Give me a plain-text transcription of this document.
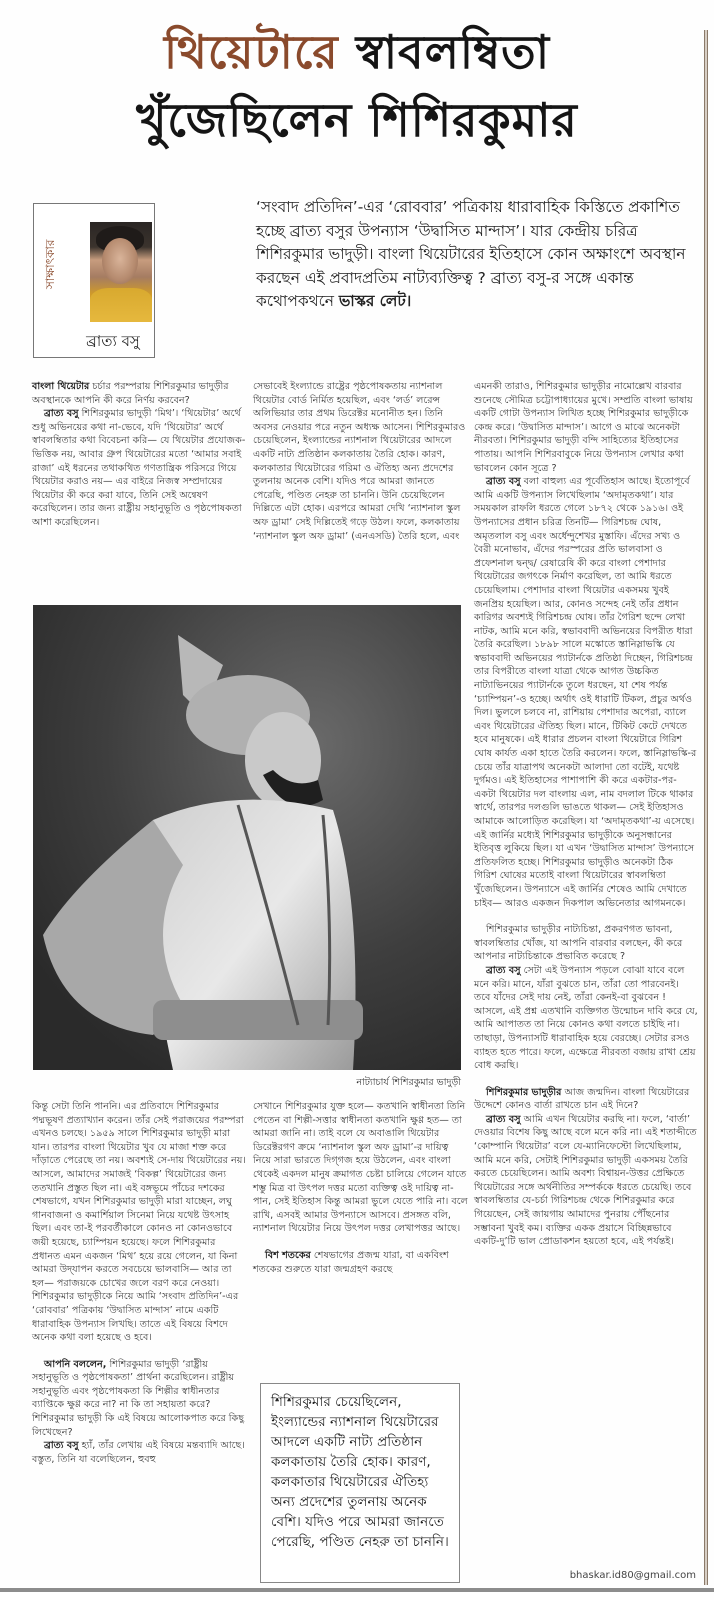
থিয়েটারে স্বাবলম্বিতা
খুঁজেছিলেন শিশিরকুমার
সাক্ষাৎকার
ব্রাত্য বসু
‘সংবাদ প্রতিদিন’-এর ‘রোববার’ পত্রিকায় ধারাবাহিক কিস্তিতে প্রকাশিত হচ্ছে ব্রাত্য বসুর উপন্যাস ‘উদ্বাসিত মান্দাস’। যার কেন্দ্রীয় চরিত্র শিশিরকুমার ভাদুড়ী। বাংলা থিয়েটারের ইতিহাসে কোন অক্ষাংশে অবস্থান করছেন এই প্রবাদপ্রতিম নাট্যব্যক্তিত্ব ? ব্রাত্য বসু-র সঙ্গে একান্ত কথোপকথনে ভাস্কর লেট।

বাংলা থিয়েটার চর্চার পরম্পরায় শিশিরকুমার ভাদুড়ীর অবস্থানকে আপনি কী করে নির্ণয় করবেন?

ব্রাত্য বসু শিশিরকুমার ভাদুড়ী ‘মিথ’। ‘থিয়েটার’ অর্থে শুধু অভিনয়ের কথা না-ভেবে, যদি ‘থিয়েটার’ অর্থে স্বাবলম্বিতার কথা বিবেচনা করি— যে থিয়েটার প্রযোজক-ভিত্তিক নয়, আবার গ্রুপ থিয়েটারের মতো ‘আমার সবাই রাজা’ এই ধরনের তথাকথিত গণতান্ত্রিক পরিসরে গিয়ে থিয়েটার করাও নয়— এর বাইরে নিজস্ব সম্প্রদায়ের থিয়েটার কী করে করা যাবে, তিনি সেই অন্বেষণ করেছিলেন। তার জন্য রাষ্ট্রীয় সহানুভূতি ও পৃষ্ঠপোষকতা আশা করেছিলেন।

সেভাবেই ইংল্যান্ডে রাষ্ট্রের পৃষ্ঠপোষকতায় ন্যাশনাল থিয়েটার বোর্ড নির্মিত হয়েছিল, এবং ‘লর্ড’ লরেন্স অলিভিয়ার তার প্রথম ডিরেক্টর মনোনীত হন। তিনি অবসর নেওয়ার পরে নতুন অধ্যক্ষ আসেন। শিশিরকুমারও চেয়েছিলেন, ইংল্যান্ডের ন্যাশনাল থিয়েটারের আদলে একটি নাট্য প্রতিষ্ঠান কলকাতায় তৈরি হোক। কারণ, কলকাতার থিয়েটারের গরিমা ও ঐতিহ্য অন্য প্রদেশের তুলনায় অনেক বেশি। যদিও পরে আমরা জানতে পেরেছি, পণ্ডিত নেহরু তা চাননি। উনি চেয়েছিলেন দিল্লিতে এটা হোক। এরপরে আমরা দেখি ‘ন্যাশনাল স্কুল অফ ড্রামা’ সেই দিল্লিতেই গড়ে উঠল। ফলে, কলকাতায় ‘ন্যাশনাল স্কুল অফ ড্রামা’ (এনএসডি) তৈরি হলে, এবং

এমনকী তারাও, শিশিরকুমার ভাদুড়ীর নামোল্লেখ বারবার শুনেছে সৌমিত্র চট্টোপাধ্যায়ের মুখে। সম্প্রতি বাংলা ভাষায় একটি গোটা উপন্যাস লিখিত হচ্ছে শিশিরকুমার ভাদুড়ীকে কেন্দ্র করে। ‘উদ্বাসিত মান্দাস’। আগে ও মাঝে অনেকটা নীরবতা। শিশিরকুমার ভাদুড়ী বন্দি সাহিত্যের ইতিহাসের পাতায়। আপনি শিশিরবাবুকে নিয়ে উপন্যাস লেখার কথা ভাবলেন কোন সূত্রে ?

ব্রাত্য বসু বলা বাহুল্য এর পূর্বেতিহাস আছে। ইতোপূর্বে আমি একটি উপন্যাস লিখেছিলাম ‘অদামৃতকথা’। যার সময়কাল রাফলি ধরতে গেলে ১৮৭২ থেকে ১৯১৬। ওই উপন্যাসের প্রধান চরিত্র তিনটি— গিরিশচন্দ্র ঘোষ, অমৃতলাল বসু এবং অর্ধেন্দুশেখর মুস্তাফি। এঁদের সখ্য ও বৈরী মনোভাব, এঁদের পরস্পরের প্রতি ভালবাসা ও প্রফেশনাল দ্বন্দ্ব/ রেষারেষি কী করে বাংলা পেশাদার থিয়েটারের জগৎকে নির্মাণ করেছিল, তা আমি ধরতে চেয়েছিলাম। পেশাদার বাংলা থিয়েটার একসময় খুবই জনপ্রিয় হয়েছিল। আর, কোনও সন্দেহ নেই তাঁর প্রধান কারিগর অবশ্যই গিরিশচন্দ্র ঘোষ। তাঁর গৈরিশ ছন্দে লেখা নাটক, আমি মনে করি, স্বভাববাদী অভিনয়ের বিপরীত ধারা তৈরি করেছিল। ১৮৯৮ সালে মস্কোতে স্তানিস্লাভস্কি যে স্বভাববাদী অভিনয়ের প্যাটার্নকে প্রতিষ্ঠা দিচ্ছেন, গিরিশচন্দ্র তার বিপরীতে বাংলা যাত্রা থেকে আগত উচ্চকিত নাট্যাভিনয়ের প্যাটার্নকে তুলে ধরছেন, যা শেষ পর্যন্ত ‘চ্যাম্পিয়ন’-ও হচ্ছে। অর্থাৎ ওই ধারাটি টিকল, প্রচুর অর্থও দিল। ভুললে চলবে না, রাশিয়ায় পেশাদার অপেরা, ব্যালে এবং থিয়েটারের ঐতিহ্য ছিল। মানে, টিকিট কেটে দেখতে হবে মানুষকে। এই ধারার প্রচলন বাংলা থিয়েটারে গিরিশ ঘোষ কার্যত একা হাতে তৈরি করলেন। ফলে, স্তানিস্লাভস্কি-র চেয়ে তাঁর যাত্রাপথ অনেকটা আলাদা তো বটেই, যথেষ্ট দুর্গমও। এই ইতিহাসের পাশাপাশি কী করে একটার-পর-একটা থিয়েটার দল বাংলায় এল, নাম বদলাল টিকে থাকার স্বার্থে, তারপর দলগুলি ভাঙতে থাকল— সেই ইতিহাসও আমাকে আলোড়িত করেছিল। যা ‘অদামৃতকথা’-য় এসেছে। এই জার্নির মধ্যেই শিশিরকুমার ভাদুড়ীকে অনুসন্ধানের ইতিবৃত্ত লুকিয়ে ছিল। যা এখন ‘উদ্বাসিত মান্দাস’ উপন্যাসে প্রতিফলিত হচ্ছে। শিশিরকুমার ভাদুড়ীও অনেকটা ঠিক গিরিশ ঘোষের মতোই বাংলা থিয়েটারের স্বাবলম্বিতা খুঁজেছিলেন। উপন্যাসে এই জার্নির শেষেও আমি দেখাতে চাইব— আরও একজন দিকপাল অভিনেতার আগমনকে।

শিশিরকুমার ভাদুড়ীর নাট্যচিন্তা, প্রকরণগত ভাবনা, স্বাবলম্বিতার খোঁজ, যা আপনি বারবার বলছেন, কী করে আপনার নাট্যচিন্তাকে প্রভাবিত করেছে ?

ব্রাত্য বসু সেটা এই উপন্যাস পড়লে বোঝা যাবে বলে মনে করি। মানে, যাঁরা বুঝতে চান, তাঁরা তো পারবেনই। তবে যাঁদের সেই দায় নেই, তাঁরা কেনই-বা বুঝবেন ! আসলে, এই প্রশ্ন এতখানি ব্যক্তিগত উন্মোচন দাবি করে যে, আমি আপাতত তা নিয়ে কোনও কথা বলতে চাইছি না। তাছাড়া, উপন্যাসটি ধারাবাহিক হয়ে বেরচ্ছে। সেটার রসও ব্যাহত হতে পারে। ফলে, এক্ষেত্রে নীরবতা বজায় রাখা শ্রেয় বোধ করছি।

শিশিরকুমার ভাদুড়ীর আজ জন্মদিন। বাংলা থিয়েটারের উদ্দেশে কোনও বার্তা রাখতে চান এই দিনে?

ব্রাত্য বসু আমি এখন থিয়েটার করছি না। ফলে, ‘বার্তা’ দেওয়ার বিশেষ কিছু আছে বলে মনে করি না। এই শতাব্দীতে ‘কোম্পানি থিয়েটার’ বলে যে-ম্যানিফেস্টো লিখেছিলাম, আমি মনে করি, সেটাই শিশিরকুমার ভাদুড়ী একসময় তৈরি করতে চেয়েছিলেন। আমি অবশ্য বিশ্বায়ন-উত্তর প্রেক্ষিতে থিয়েটারের সঙ্গে অর্থনীতির সম্পর্ককে ধরতে চেয়েছি। তবে স্বাবলম্বিতার যে-চর্চা গিরিশচন্দ্র থেকে শিশিরকুমার করে গিয়েছেন, সেই জায়গায় আমাদের পুনরায় পৌঁছনোর সম্ভাবনা খুবই কম। ব্যক্তির একক প্রয়াসে বিচ্ছিন্নভাবে একটি-দু’টি ভাল প্রোডাকশন হয়তো হবে, এই পর্যন্তই।

নাট্যাচার্য শিশিরকুমার ভাদুড়ী

কিন্তু সেটা তিনি পাননি। এর প্রতিবাদে শিশিরকুমার পদ্মভূষণ প্রত্যাখ্যান করেন। তাঁর সেই পরাজয়ের পরম্পরা এখনও চলছে। ১৯৫৯ সালে শিশিরকুমার ভাদুড়ী মারা যান। তারপর বাংলা থিয়েটার খুব যে মাজা শক্ত করে দাঁড়াতে পেরেছে তা নয়। অবশ্যই সে-দায় থিয়েটারের নয়। আসলে, আমাদের সমাজই ‘বিকল্প’ থিয়েটারের জন্য ততখানি প্রস্তুত ছিল না। এই বঙ্গভূমে পাঁচের দশকের শেষভাগে, যখন শিশিরকুমার ভাদুড়ী মারা যাচ্ছেন, লঘু গানবাজনা ও কমার্শিয়াল সিনেমা নিয়ে যথেষ্ট উৎসাহ ছিল। এবং তা-ই পরবর্তীকালে কোনও না কোনওভাবে জয়ী হয়েছে, চ্যাম্পিয়ন হয়েছে। ফলে শিশিরকুমার প্রধানত এমন একজন ‘মিথ’ হয়ে রয়ে গেলেন, যা কিনা আমরা উদ্‌যাপন করতে সবচেয়ে ভালবাসি— আর তা হল— পরাজয়কে চোখের জলে বরণ করে নেওয়া। শিশিরকুমার ভাদুড়ীকে নিয়ে আমি ‘সংবাদ প্রতিদিন’-এর ‘রোববার’ পত্রিকায় ‘উদ্বাসিত মান্দাস’ নামে একটি ধারাবাহিক উপন্যাস লিখছি। তাতে এই বিষয়ে বিশদে অনেক কথা বলা হয়েছে ও হবে।

আপনি বললেন, শিশিরকুমার ভাদুড়ী ‘রাষ্ট্রীয় সহানুভূতি ও পৃষ্ঠপোষকতা’ প্রার্থনা করেছিলেন। রাষ্ট্রীয় সহানুভূতি এবং পৃষ্ঠপোষকতা কি শিল্পীর স্বাধীনতার ব্যাপ্তিকে ক্ষুণ্ণ করে না? না কি তা সহায়তা করে? শিশিরকুমার ভাদুড়ী কি এই বিষয়ে আলোকপাত করে কিছু লিখেছেন?

ব্রাত্য বসু হ্যাঁ, তাঁর লেখায় এই বিষয়ে মন্তব্যাদি আছে। বস্তুত, তিনি যা বলেছিলেন, হুবহু

সেখানে শিশিরকুমার যুক্ত হলে— কতখানি স্বাধীনতা তিনি পেতেন বা শিল্পী-সত্তার স্বাধীনতা কতখানি ক্ষুণ্ণ হত— তা আমরা জানি না। তাই বলে যে অবাঙালি থিয়েটার ডিরেক্টরগণ ক্রমে ‘ন্যাশনাল স্কুল অফ ড্রামা’-র দায়িত্ব নিয়ে সারা ভারতে দিগ্‌গজ হয়ে উঠলেন, এবং বাংলা থেকেই একদল মানুষ ক্রমাগত চেষ্টা চালিয়ে গেলেন যাতে শম্ভু মিত্র বা উৎপল দত্তর মতো ব্যক্তিত্ব ওই দায়িত্ব না-পান, সেই ইতিহাস কিন্তু আমরা ভুলে যেতে পারি না। বলে রাখি, এসবই আমার উপন্যাসে আসবে। প্রসঙ্গত বলি, ন্যাশনাল থিয়েটার নিয়ে উৎপল দত্তর লেখাপত্তর আছে।

বিশ শতকের শেষভাগের প্রজন্ম যারা, বা একবিংশ শতকের শুরুতে যারা জন্মগ্রহণ করছে

শিশিরকুমার চেয়েছিলেন, ইংল্যান্ডের ন্যাশনাল থিয়েটারের আদলে একটি নাট্য প্রতিষ্ঠান কলকাতায় তৈরি হোক। কারণ, কলকাতার থিয়েটারের ঐতিহ্য অন্য প্রদেশের তুলনায় অনেক বেশি। যদিও পরে আমরা জানতে পেরেছি, পণ্ডিত নেহরু তা চাননি।
bhaskar.id80@gmail.com
